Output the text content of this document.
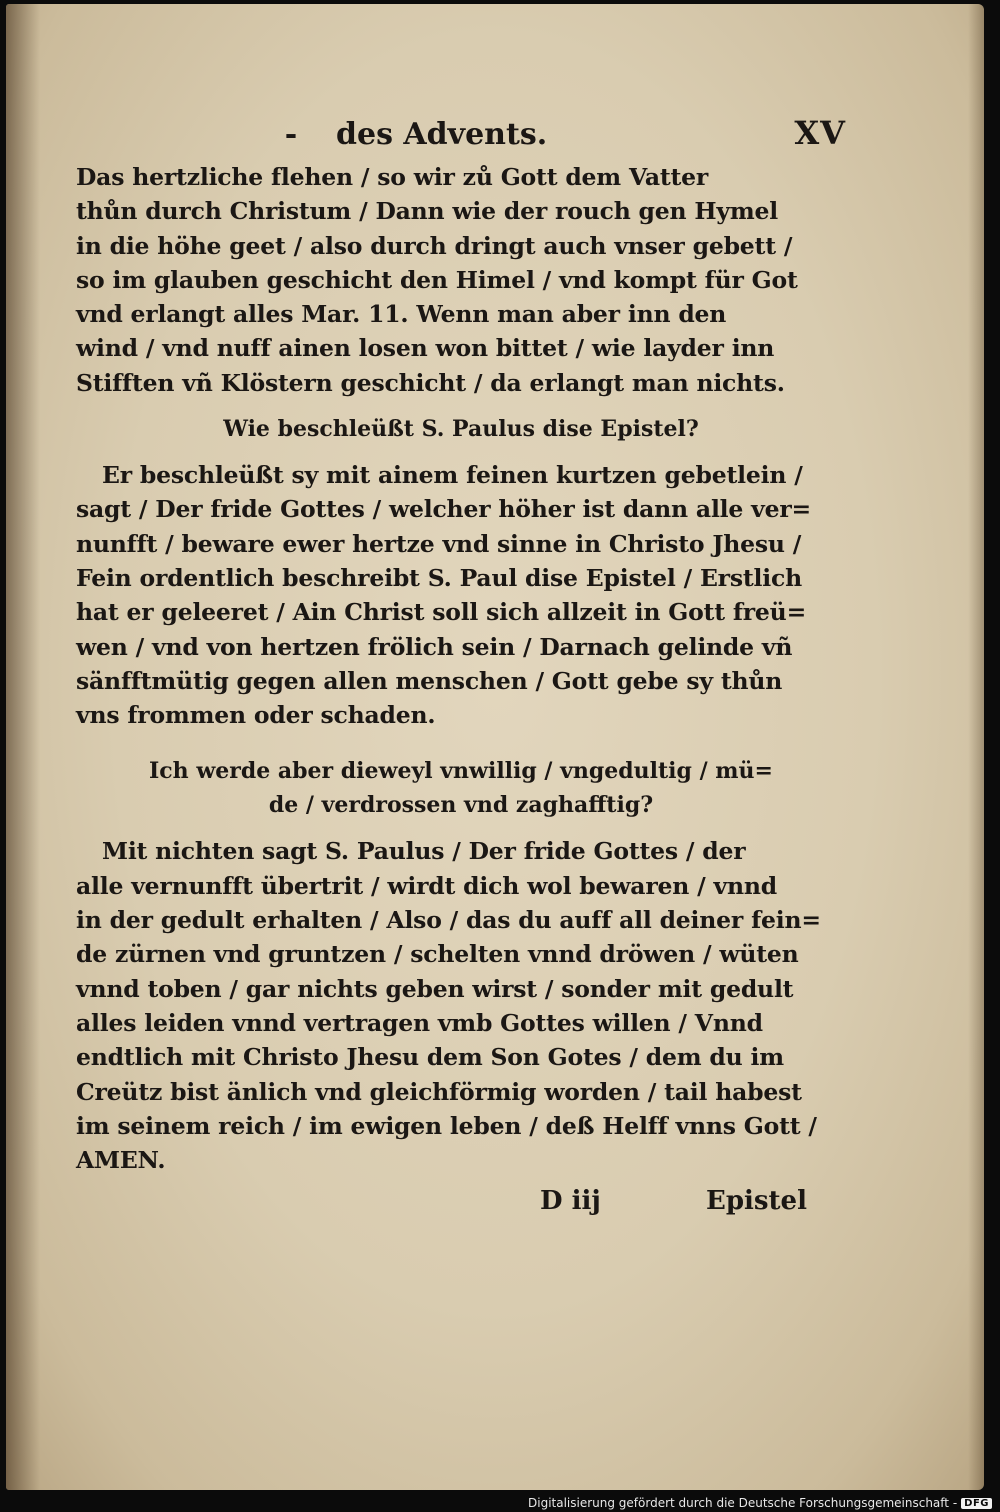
-	des Advents.	XV
Das hertzliche flehen / so wir zů Gott dem Vatter
thůn durch Christum / Dann wie der rouch gen Hymel
in die höhe geet / also durch dringt auch vnser gebett /
so im glauben geschicht den Himel / vnd kompt für Got
vnd erlangt alles Mar. 11. Wenn man aber inn den
wind / vnd nuff ainen losen won bittet / wie layder inn
Stifften vñ Klöstern geschicht / da erlangt man nichts.
Wie beschleüßt S. Paulus dise Epistel?
Er beschleüßt sy mit ainem feinen kurtzen gebetlein /
sagt / Der fride Gottes / welcher höher ist dann alle ver=
nunfft / beware ewer hertze vnd sinne in Christo Jhesu /
Fein ordentlich beschreibt S. Paul dise Epistel / Erstlich
hat er geleeret / Ain Christ soll sich allzeit in Gott freü=
wen / vnd von hertzen frölich sein / Darnach gelinde vñ
sänfftmütig gegen allen menschen / Gott gebe sy thůn
vns frommen oder schaden.
Ich werde aber dieweyl vnwillig / vngedultig / mü=
de / verdrossen vnd zaghafftig?
Mit nichten sagt S. Paulus / Der fride Gottes / der
alle vernunfft übertrit / wirdt dich wol bewaren / vnnd
in der gedult erhalten / Also / das du auff all deiner fein=
de zürnen vnd gruntzen / schelten vnnd dröwen / wüten
vnnd toben / gar nichts geben wirst / sonder mit gedult
alles leiden vnnd vertragen vmb Gottes willen / Vnnd
endtlich mit Christo Jhesu dem Son Gotes / dem du im
Creütz bist änlich vnd gleichförmig worden / tail habest
im seinem reich / im ewigen leben / deß Helff vnns Gott /
AMEN.
D iij	Epistel
Digitalisierung gefördert durch die Deutsche Forschungsgemeinschaft - DFG
